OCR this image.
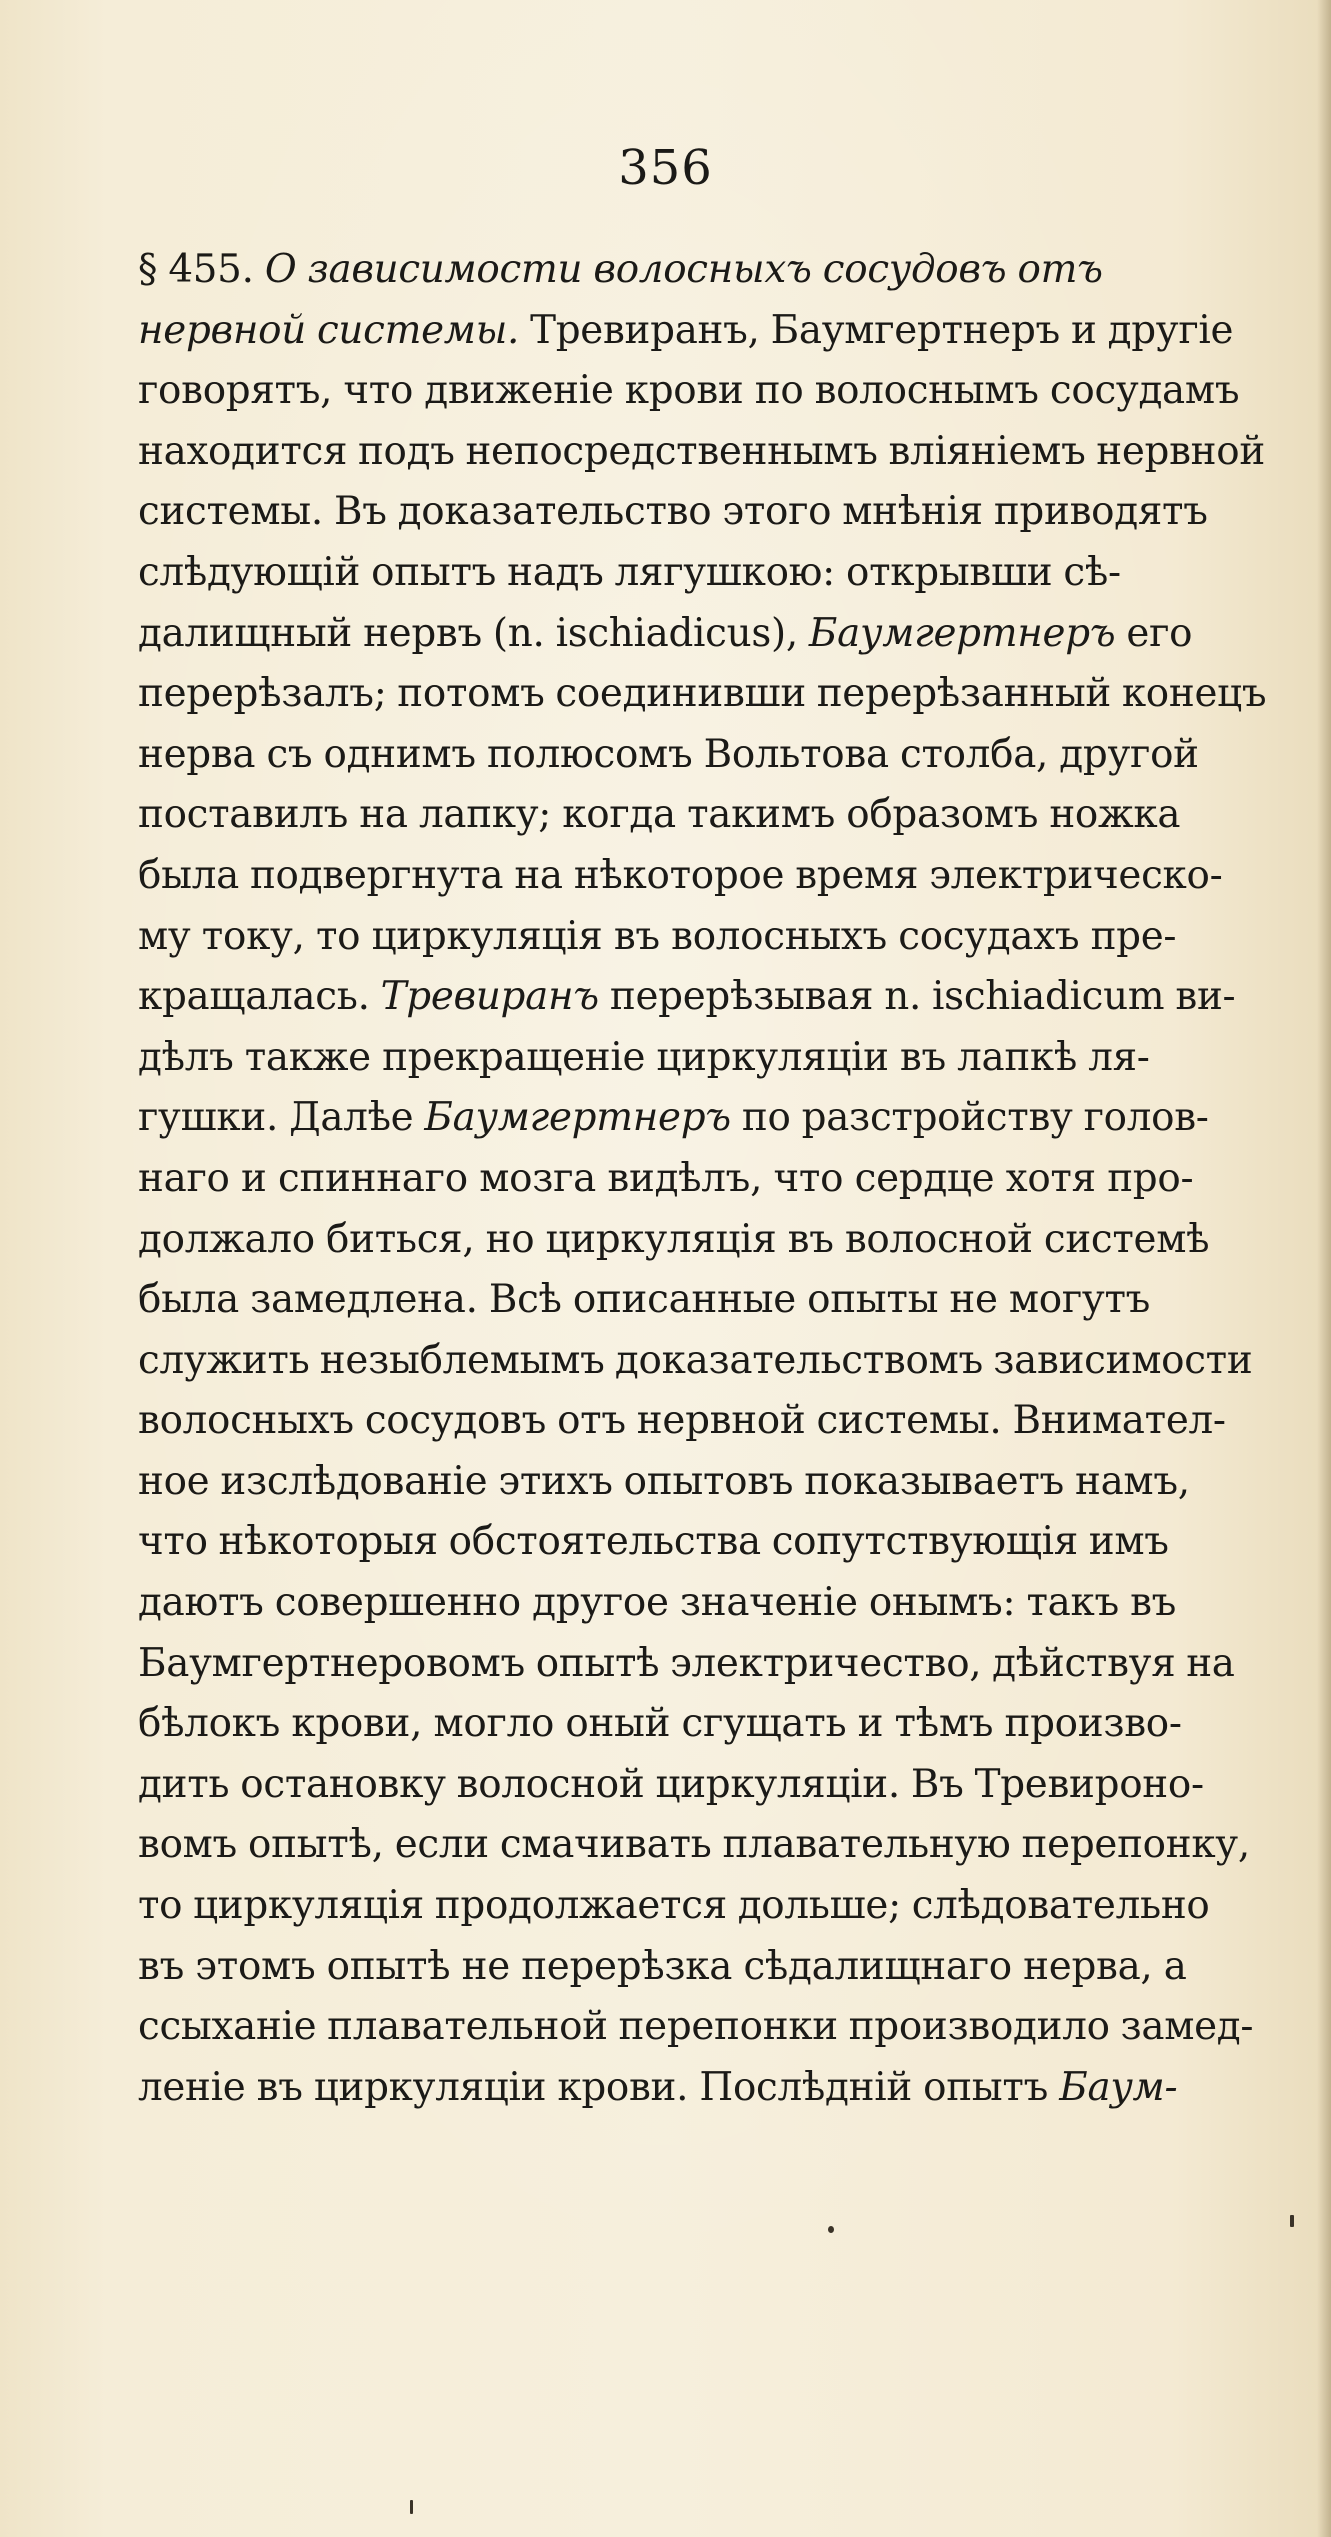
356
§ 455. О зависимости волосныхъ сосудовъ отъ
нервной системы. Тревиранъ, Баумгертнеръ и другіе
говорятъ, что движеніе крови по волоснымъ сосудамъ
находится подъ непосредственнымъ вліяніемъ нервной
системы. Въ доказательство этого мнѣнія приводятъ
слѣдующій опытъ надъ лягушкою: открывши сѣ-
далищный нервъ (n. ischiadicus), Баумгертнеръ его
перерѣзалъ; потомъ соединивши перерѣзанный конецъ
нерва съ однимъ полюсомъ Вольтова столба, другой
поставилъ на лапку; когда такимъ образомъ ножка
была подвергнута на нѣкоторое время электрическо-
му току, то циркуляція въ волосныхъ сосудахъ пре-
кращалась. Тревиранъ перерѣзывая n. ischiadicum ви-
дѣлъ также прекращеніе циркуляціи въ лапкѣ ля-
гушки. Далѣе Баумгертнеръ по разстройству голов-
наго и спиннаго мозга видѣлъ, что сердце хотя про-
должало биться, но циркуляція въ волосной системѣ
была замедлена. Всѣ описанные опыты не могутъ
служить незыблемымъ доказательствомъ зависимости
волосныхъ сосудовъ отъ нервной системы. Внимател-
ное изслѣдованіе этихъ опытовъ показываетъ намъ,
что нѣкоторыя обстоятельства сопутствующія имъ
даютъ совершенно другое значеніе онымъ: такъ въ
Баумгертнеровомъ опытѣ электричество, дѣйствуя на
бѣлокъ крови, могло оный сгущать и тѣмъ произво-
дить остановку волосной циркуляціи. Въ Тревироно-
вомъ опытѣ, если смачивать плавательную перепонку,
то циркуляція продолжается дольше; слѣдовательно
въ этомъ опытѣ не перерѣзка сѣдалищнаго нерва, а
ссыханіе плавательной перепонки производило замед-
леніе въ циркуляціи крови. Послѣдній опытъ Баум-
